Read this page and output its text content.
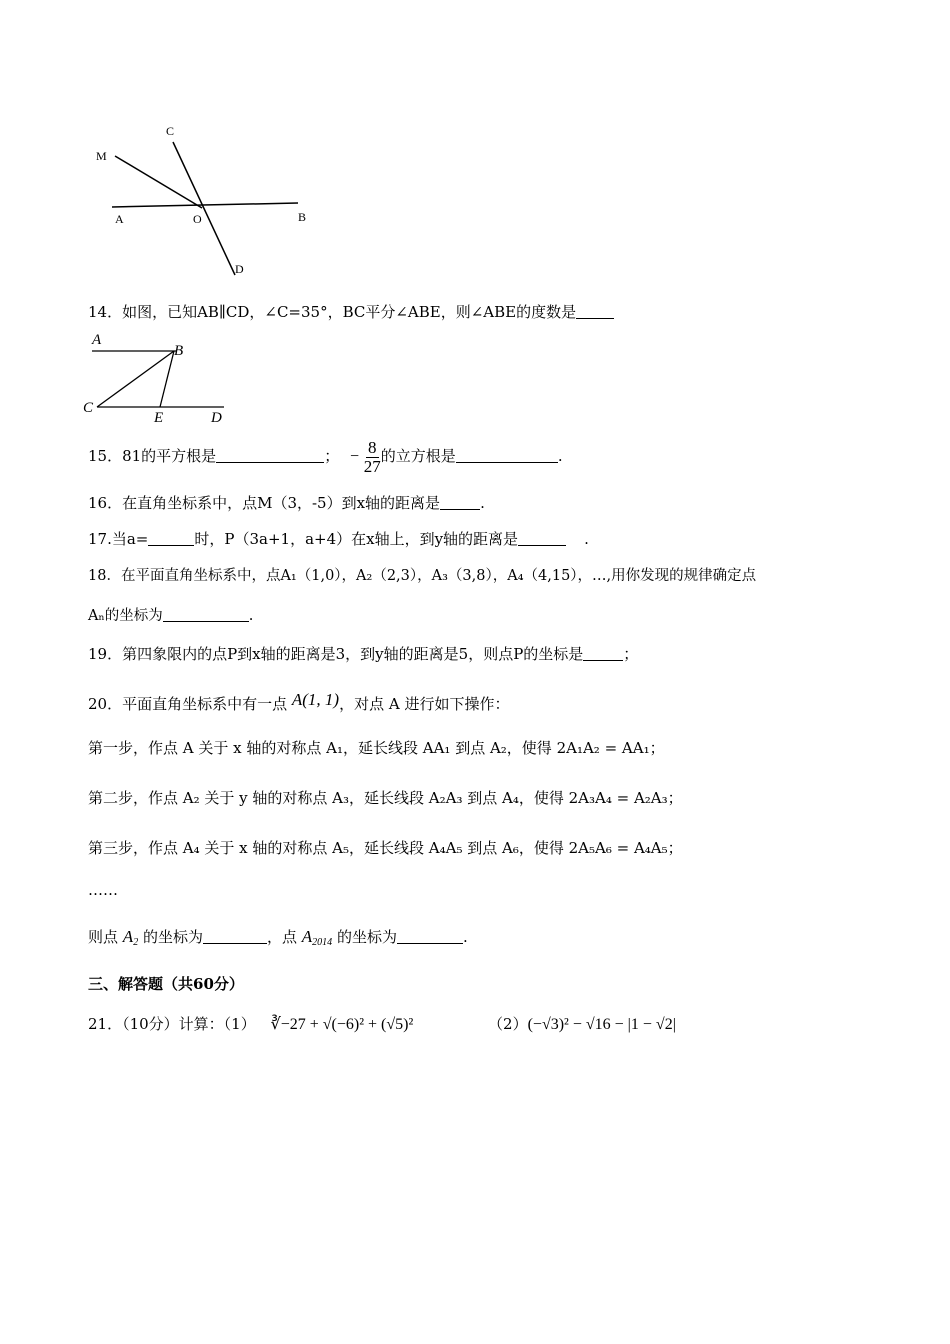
C
M
A	O	B
D
14．如图，已知AB∥CD，∠C=35°，BC平分∠ABE，则∠ABE的度数是
A
B
C
E	D
15．81的平方根是	； − $\frac{8}{27}$ 的立方根是	.
16．在直角坐标系中，点M（3，-5）到x轴的距离是	.
17.当a=	时，P（3a+1，a+4）在x轴上，到y轴的距离是	.
18．在平面直角坐标系中，点A₁（1,0），A₂（2,3），A₃（3,8），A₄（4,15），…,用你发现的规律确定点
Aₙ的坐标为	.
19．第四象限内的点P到x轴的距离是3，到y轴的距离是5，则点P的坐标是	；
20．平面直角坐标系中有一点 A(1, 1)，对点 A 进行如下操作：
第一步，作点 A 关于 x 轴的对称点 A₁，延长线段 AA₁ 到点 A₂，使得 2A₁A₂ = AA₁；
第二步，作点 A₂ 关于 y 轴的对称点 A₃，延长线段 A₂A₃ 到点 A₄，使得 2A₃A₄ = A₂A₃；
第三步，作点 A₄ 关于 x 轴的对称点 A₅，延长线段 A₄A₅ 到点 A₆，使得 2A₅A₆ = A₄A₅；
……
则点 $A_2$ 的坐标为	，点 $A_{2014}$ 的坐标为	.
三、解答题（共60分）
21．（10分）计算：（1） ∛−27 + √(−6)² + (√5)²	（2）(−√3)² − √16 − |1 − √2|
